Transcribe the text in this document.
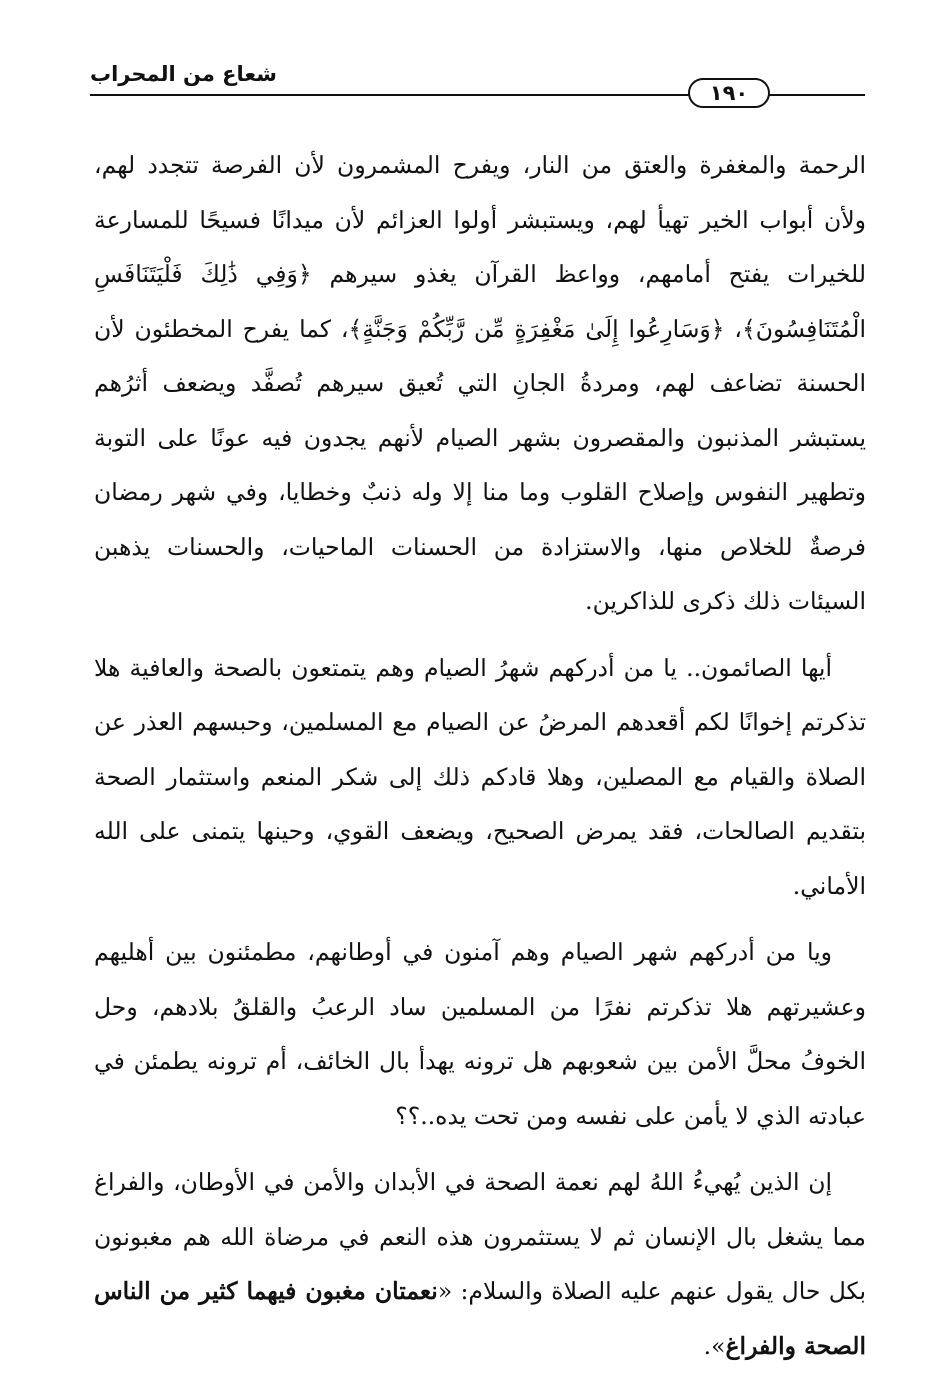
شعاع من المحراب
١٩٠

الرحمة والمغفرة والعتق من النار، ويفرح المشمرون لأن الفرصة تتجدد لهم، ولأن أبواب الخير تهيأ لهم، ويستبشر أولوا العزائم لأن ميدانًا فسيحًا للمسارعة للخيرات يفتح أمامهم، وواعظ القرآن يغذو سيرهم ﴿وَفِي ذَٰلِكَ فَلْيَتَنَافَسِ الْمُتَنَافِسُونَ﴾، ﴿وَسَارِعُوا إِلَىٰ مَغْفِرَةٍ مِّن رَّبِّكُمْ وَجَنَّةٍ﴾، كما يفرح المخطئون لأن الحسنة تضاعف لهم، ومردةُ الجانِ التي تُعيق سيرهم تُصفَّد ويضعف أثرُهم يستبشر المذنبون والمقصرون بشهر الصيام لأنهم يجدون فيه عونًا على التوبة وتطهير النفوس وإصلاح القلوب وما منا إلا وله ذنبٌ وخطايا، وفي شهر رمضان فرصةٌ للخلاص منها، والاستزادة من الحسنات الماحيات، والحسنات يذهبن السيئات ذلك ذكرى للذاكرين.

أيها الصائمون.. يا من أدركهم شهرُ الصيام وهم يتمتعون بالصحة والعافية هلا تذكرتم إخوانًا لكم أقعدهم المرضُ عن الصيام مع المسلمين، وحبسهم العذر عن الصلاة والقيام مع المصلين، وهلا قادكم ذلك إلى شكر المنعم واستثمار الصحة بتقديم الصالحات، فقد يمرض الصحيح، ويضعف القوي، وحينها يتمنى على الله الأماني.

ويا من أدركهم شهر الصيام وهم آمنون في أوطانهم، مطمئنون بين أهليهم وعشيرتهم هلا تذكرتم نفرًا من المسلمين ساد الرعبُ والقلقُ بلادهم، وحل الخوفُ محلَّ الأمن بين شعوبهم هل ترونه يهدأ بال الخائف، أم ترونه يطمئن في عبادته الذي لا يأمن على نفسه ومن تحت يده..؟؟

إن الذين يُهيءُ اللهُ لهم نعمة الصحة في الأبدان والأمن في الأوطان، والفراغ مما يشغل بال الإنسان ثم لا يستثمرون هذه النعم في مرضاة الله هم مغبونون بكل حال يقول عنهم عليه الصلاة والسلام: «نعمتان مغبون فيهما كثير من الناس الصحة والفراغ».
